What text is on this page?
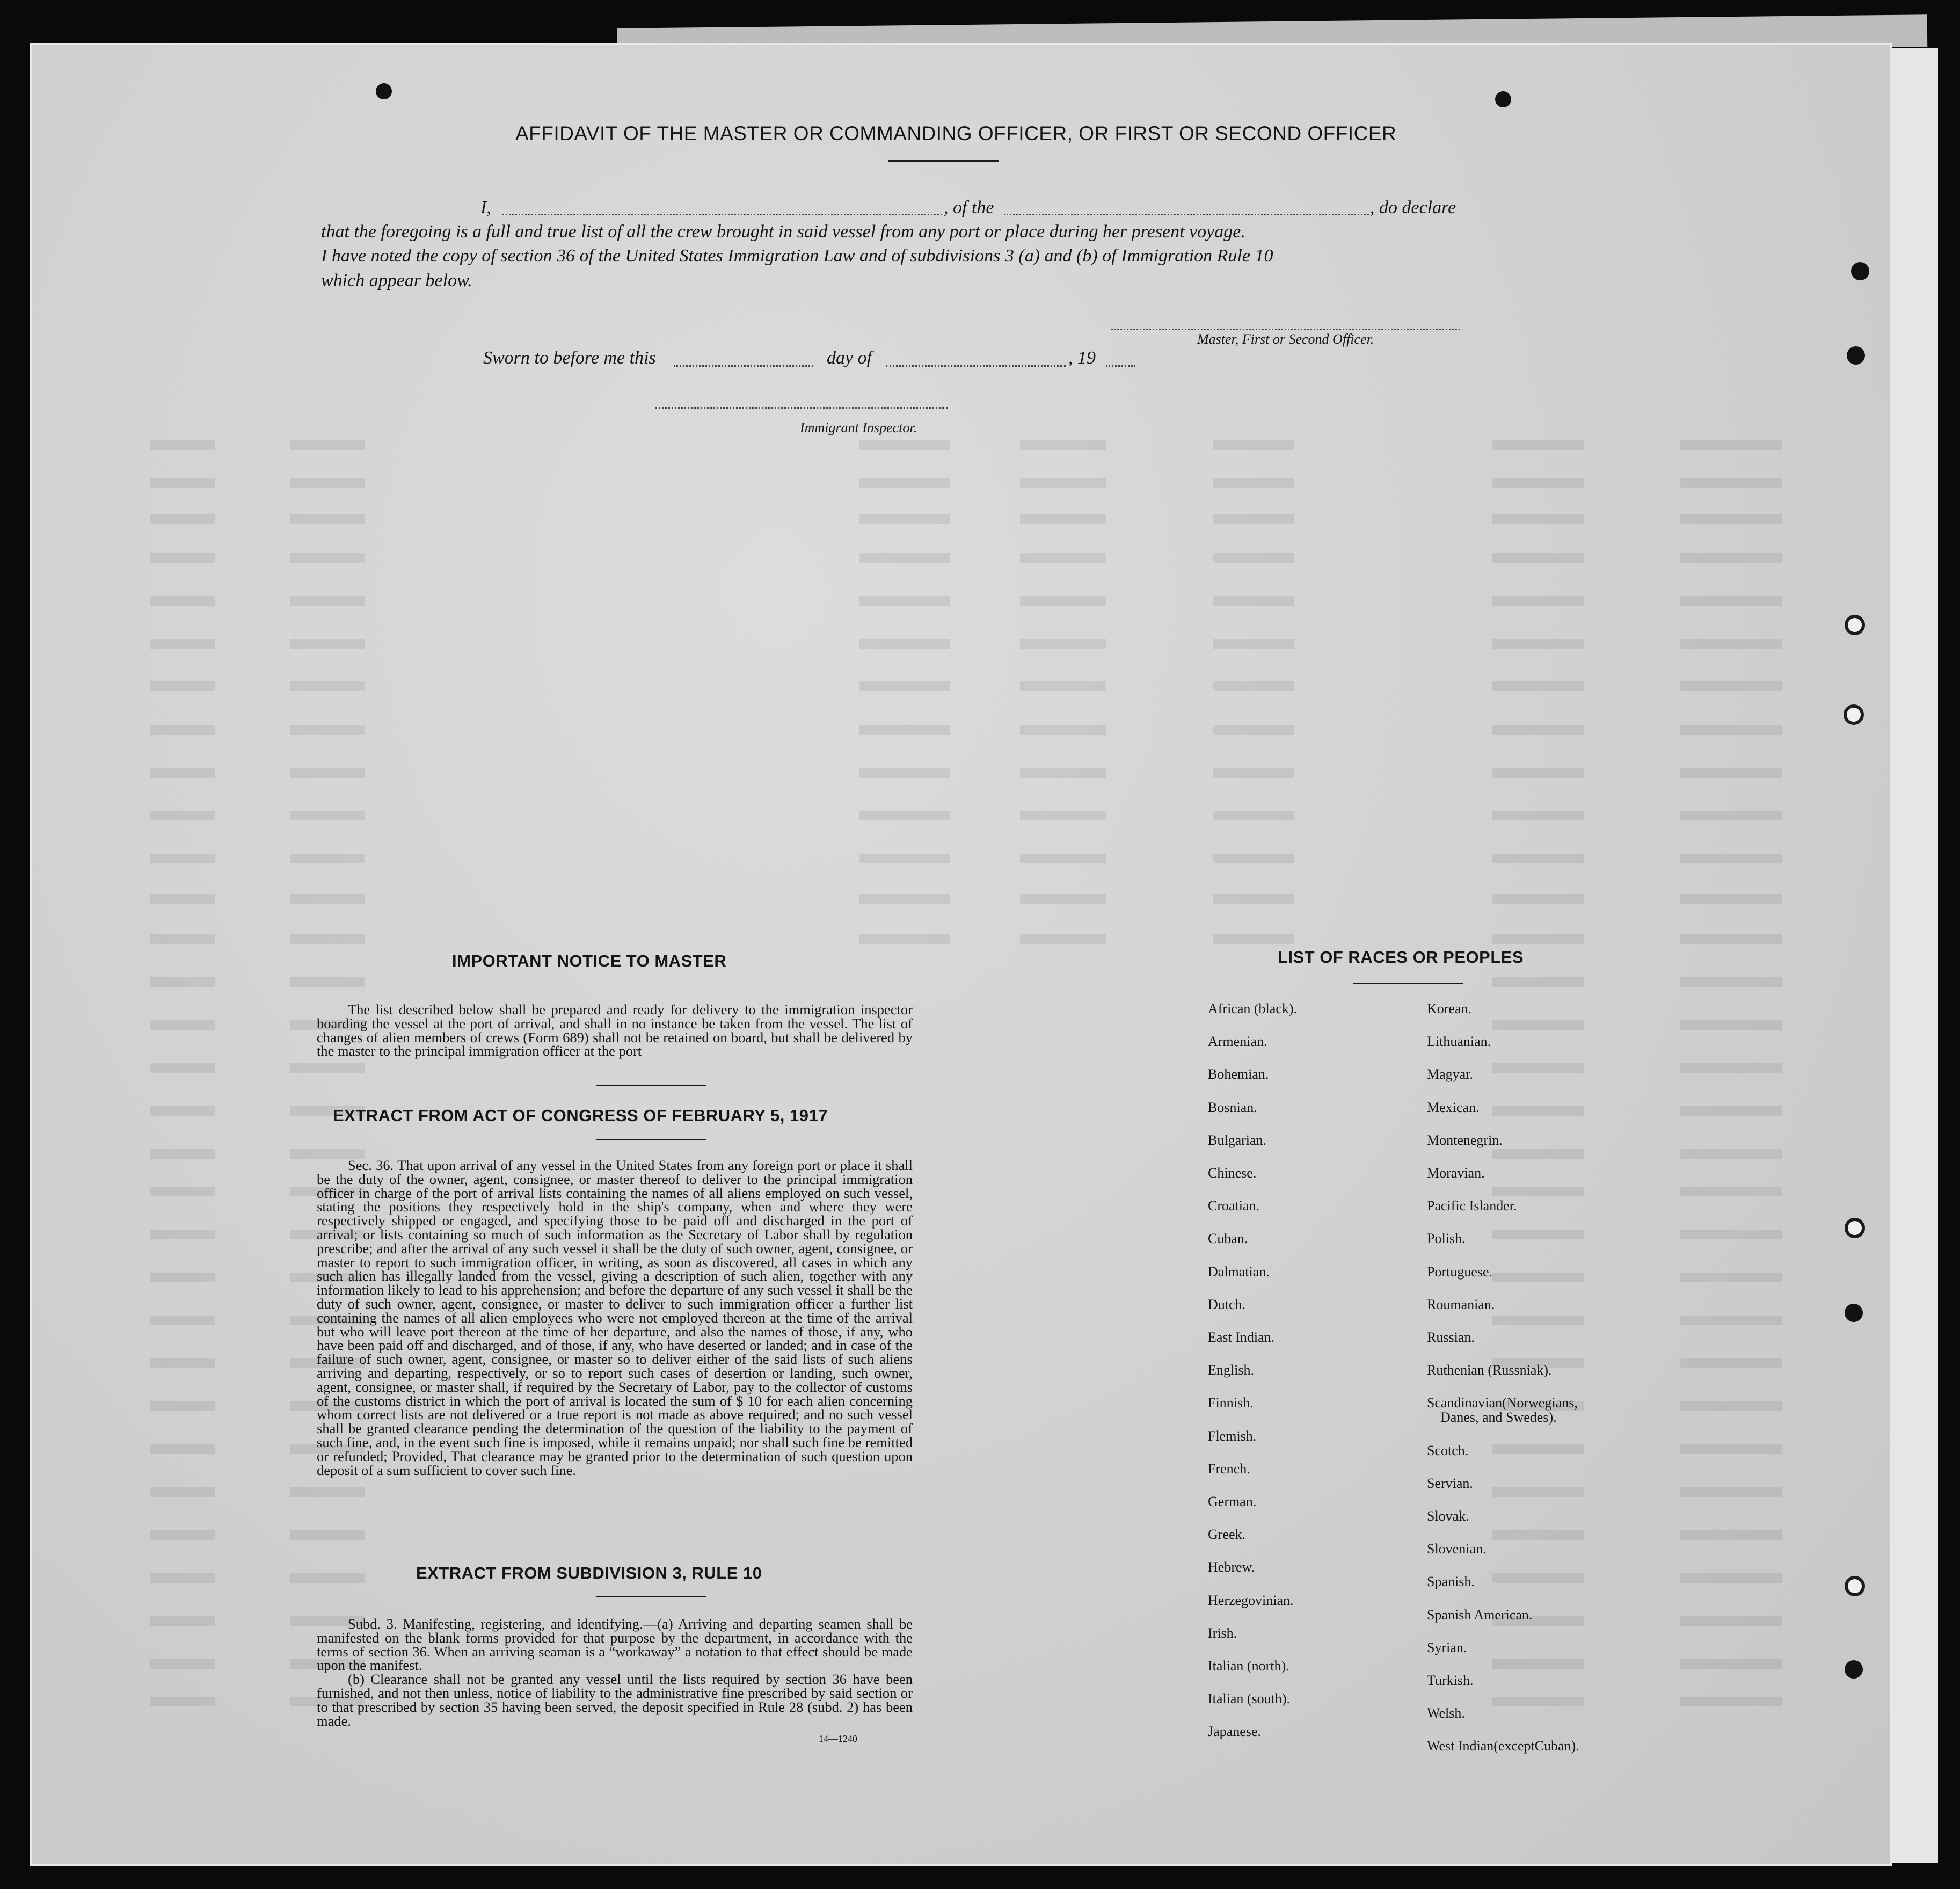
AFFIDAVIT OF THE MASTER OR COMMANDING OFFICER, OR FIRST OR SECOND OFFICER
I,	, of the	, do declare
that the foregoing is a full and true list of all the crew brought in said vessel from any port or place during her present voyage.
I have noted the copy of section 36 of the United States Immigration Law and of subdivisions 3 (a) and (b) of Immigration Rule 10
which appear below.
Master, First or Second Officer.
Sworn to before me this	day of	, 19
Immigrant Inspector.
IMPORTANT NOTICE TO MASTER

The list described below shall be prepared and ready for delivery to the immigration inspector boarding the vessel at the port of arrival, and shall in no instance be taken from the vessel. The list of changes of alien members of crews (Form 689) shall not be retained on board, but shall be delivered by the master to the principal immigration officer at the port

EXTRACT FROM ACT OF CONGRESS OF FEBRUARY 5, 1917

Sec. 36. That upon arrival of any vessel in the United States from any foreign port or place it shall be the duty of the owner, agent, consignee, or master thereof to deliver to the principal immigration officer in charge of the port of arrival lists containing the names of all aliens employed on such vessel, stating the positions they respectively hold in the ship's company, when and where they were respectively shipped or engaged, and specifying those to be paid off and discharged in the port of arrival; or lists containing so much of such information as the Secretary of Labor shall by regulation prescribe; and after the arrival of any such vessel it shall be the duty of such owner, agent, consignee, or master to report to such immigration officer, in writing, as soon as discovered, all cases in which any such alien has illegally landed from the vessel, giving a description of such alien, together with any information likely to lead to his apprehension; and before the departure of any such vessel it shall be the duty of such owner, agent, consignee, or master to deliver to such immigration officer a further list containing the names of all alien employees who were not employed thereon at the time of the arrival but who will leave port thereon at the time of her departure, and also the names of those, if any, who have been paid off and discharged, and of those, if any, who have deserted or landed; and in case of the failure of such owner, agent, consignee, or master so to deliver either of the said lists of such aliens arriving and departing, respectively, or so to report such cases of desertion or landing, such owner, agent, consignee, or master shall, if required by the Secretary of Labor, pay to the collector of customs of the customs district in which the port of arrival is located the sum of $ 10 for each alien concerning whom correct lists are not delivered or a true report is not made as above required; and no such vessel shall be granted clearance pending the determination of the question of the liability to the payment of such fine, and, in the event such fine is imposed, while it remains unpaid; nor shall such fine be remitted or refunded; Provided, That clearance may be granted prior to the determination of such question upon deposit of a sum sufficient to cover such fine.

EXTRACT FROM SUBDIVISION 3, RULE 10

Subd. 3. Manifesting, registering, and identifying.—(a) Arriving and departing seamen shall be manifested on the blank forms provided for that purpose by the department, in accordance with the terms of section 36. When an arriving seaman is a “workaway” a notation to that effect should be made upon the manifest.

(b) Clearance shall not be granted any vessel until the lists required by section 36 have been furnished, and not then unless, notice of liability to the administrative fine prescribed by said section or to that prescribed by section 35 having been served, the deposit specified in Rule 28 (subd. 2) has been made.

14—1240
LIST OF RACES OR PEOPLES
African (black).
Armenian.
Bohemian.
Bosnian.
Bulgarian.
Chinese.
Croatian.
Cuban.
Dalmatian.
Dutch.
East Indian.
English.
Finnish.
Flemish.
French.
German.
Greek.
Hebrew.
Herzegovinian.
Irish.
Italian (north).
Italian (south).
Japanese.
Korean.
Lithuanian.
Magyar.
Mexican.
Montenegrin.
Moravian.
Pacific Islander.
Polish.
Portuguese.
Roumanian.
Russian.
Ruthenian (Russniak).
Scandinavian(Norwegians,
Danes, and Swedes).
Scotch.
Servian.
Slovak.
Slovenian.
Spanish.
Spanish American.
Syrian.
Turkish.
Welsh.
West Indian(exceptCuban).
